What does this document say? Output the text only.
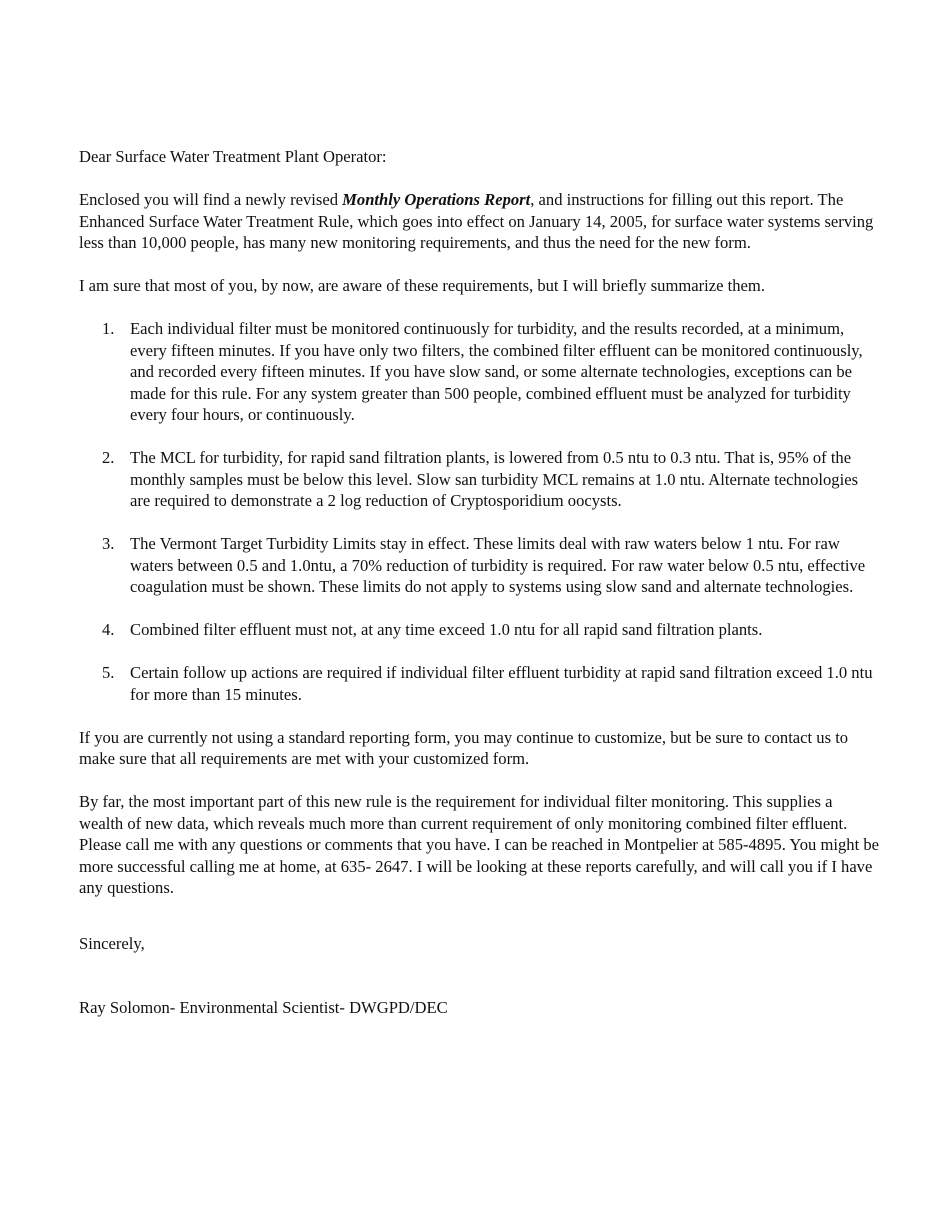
Dear Surface Water Treatment Plant Operator:

Enclosed you will find a newly revised Monthly Operations Report, and instructions for filling out this report. The Enhanced Surface Water Treatment Rule, which goes into effect on January 14, 2005, for surface water systems serving less than 10,000 people, has many new monitoring requirements, and thus the need for the new form.

I am sure that most of you, by now, are aware of these requirements, but I will briefly summarize them.

1. Each individual filter must be monitored continuously for turbidity, and the results recorded, at a minimum, every fifteen minutes. If you have only two filters, the combined filter effluent can be monitored continuously, and recorded every fifteen minutes. If you have slow sand, or some alternate technologies, exceptions can be made for this rule. For any system greater than 500 people, combined effluent must be analyzed for turbidity every four hours, or continuously.
2. The MCL for turbidity, for rapid sand filtration plants, is lowered from 0.5 ntu to 0.3 ntu. That is, 95% of the monthly samples must be below this level. Slow san turbidity MCL remains at 1.0 ntu. Alternate technologies are required to demonstrate a 2 log reduction of Cryptosporidium oocysts.
3. The Vermont Target Turbidity Limits stay in effect. These limits deal with raw waters below 1 ntu. For raw waters between 0.5 and 1.0ntu, a 70% reduction of turbidity is required. For raw water below 0.5 ntu, effective coagulation must be shown. These limits do not apply to systems using slow sand and alternate technologies.
4. Combined filter effluent must not, at any time exceed 1.0 ntu for all rapid sand filtration plants.
5. Certain follow up actions are required if individual filter effluent turbidity at rapid sand filtration exceed 1.0 ntu for more than 15 minutes.

If you are currently not using a standard reporting form, you may continue to customize, but be sure to contact us to make sure that all requirements are met with your customized form.

By far, the most important part of this new rule is the requirement for individual filter monitoring. This supplies a wealth of new data, which reveals much more than current requirement of only monitoring combined filter effluent. Please call me with any questions or comments that you have. I can be reached in Montpelier at 585-4895. You might be more successful calling me at home, at 635- 2647. I will be looking at these reports carefully, and will call you if I have any questions.

Sincerely,

Ray Solomon- Environmental Scientist- DWGPD/DEC
